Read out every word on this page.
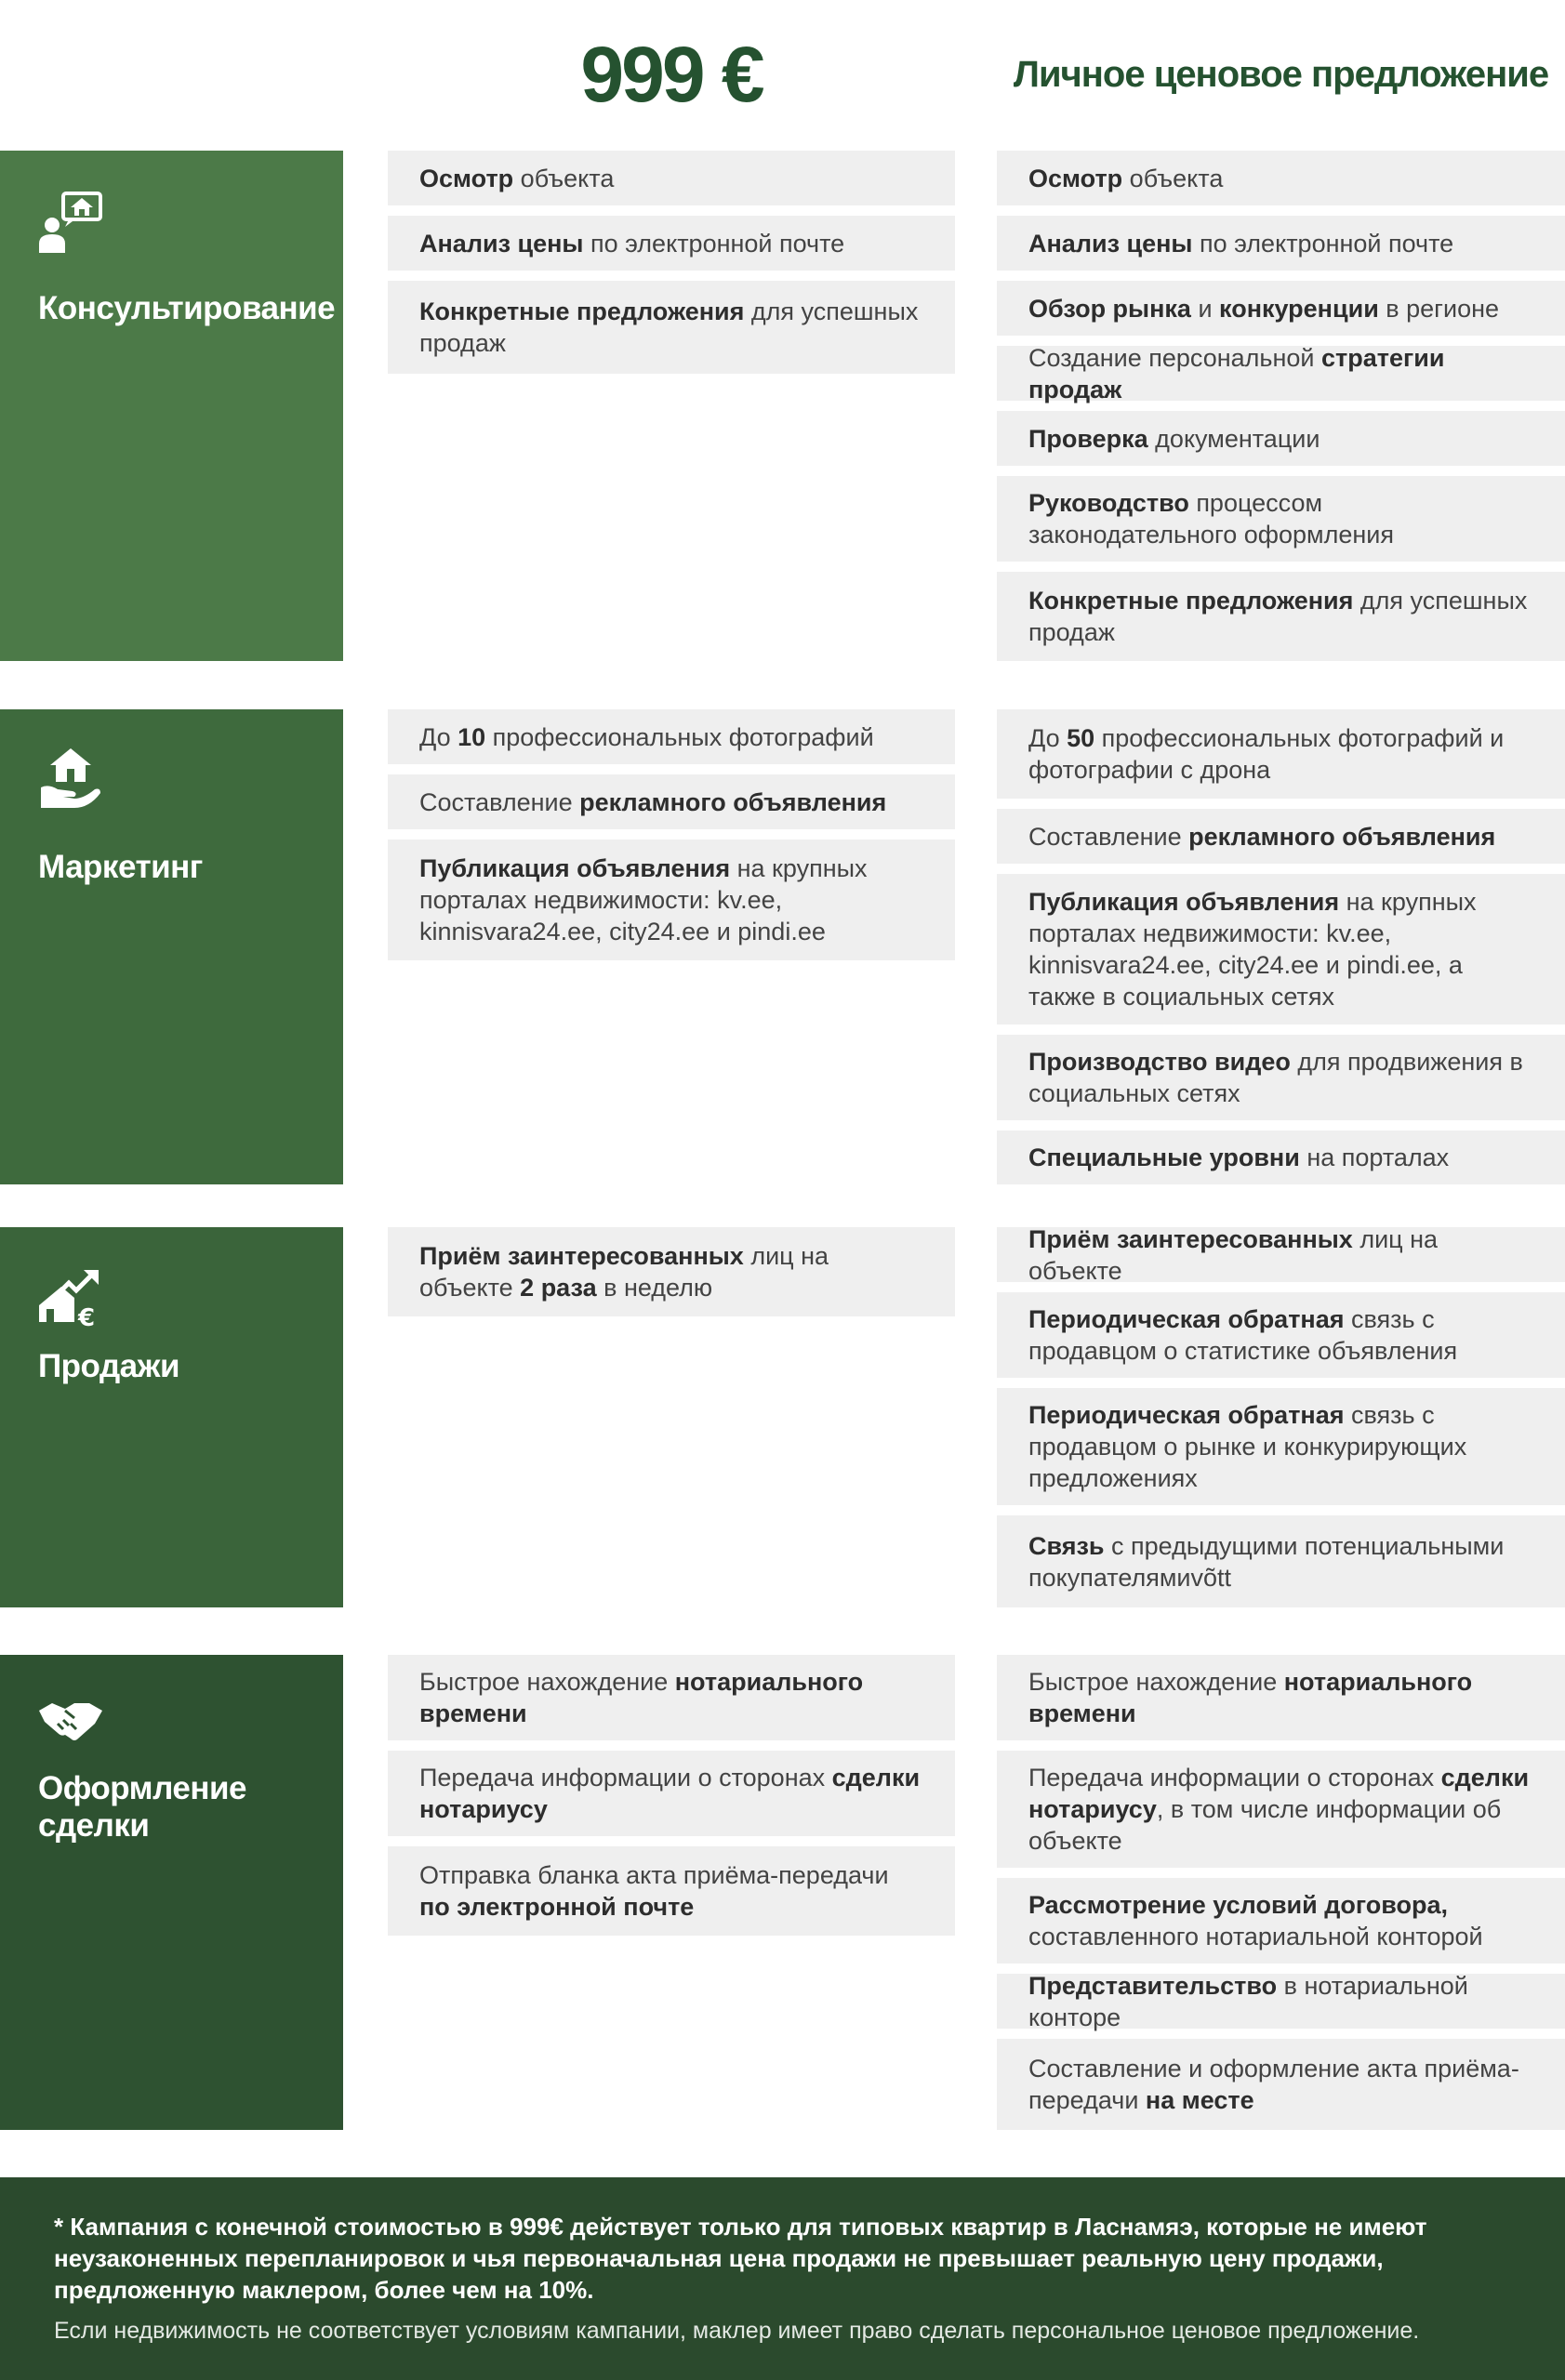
999 €	Личное ценовое предложение
Консультирование
Осмотр объекта
Анализ цены по электронной почте
Конкретные предложения для успешных продаж
Осмотр объекта
Анализ цены по электронной почте
Обзор рынка и конкуренции в регионе
Создание персональной стратегии продаж
Проверка документации
Руководство процессом законодательного оформления
Конкретные предложения для успешных продаж
Маркетинг
До 10 профессиональных фотографий
Составление рекламного объявления
Публикация объявления на крупных порталах недвижимости: kv.ee, kinnisvara24.ee, city24.ee и pindi.ee
До 50 профессиональных фотографий и фотографии с дрона
Составление рекламного объявления
Публикация объявления на крупных порталах недвижимости: kv.ee, kinnisvara24.ee, city24.ee и pindi.ee, а также в социальных сетях
Производство видео для продвижения в социальных сетях
Специальные уровни на порталах
€
Продажи
Приём заинтересованных лиц на объекте 2 раза в неделю
Приём заинтересованных лиц на объекте
Периодическая обратная связь с продавцом о статистике объявления
Периодическая обратная связь с продавцом о рынке и конкурирующих предложениях
Связь с предыдущими потенциальными покупателямиvõtt
Оформление сделки
Быстрое нахождение нотариального времени
Передача информации о сторонах сделки нотариусу
Отправка бланка акта приёма-передачи по электронной почте
Быстрое нахождение нотариального времени
Передача информации о сторонах сделки нотариусу, в том числе информации об объекте
Рассмотрение условий договора, составленного нотариальной конторой
Представительство в нотариальной конторе
Составление и оформление акта приёма-передачи на месте
* Кампания с конечной стоимостью в 999€ действует только для типовых квартир в Ласнамяэ, которые не имеют неузаконенных перепланировок и чья первоначальная цена продажи не превышает реальную цену продажи, предложенную маклером, более чем на 10%.
Если недвижимость не соответствует условиям кампании, маклер имеет право сделать персональное ценовое предложение.
